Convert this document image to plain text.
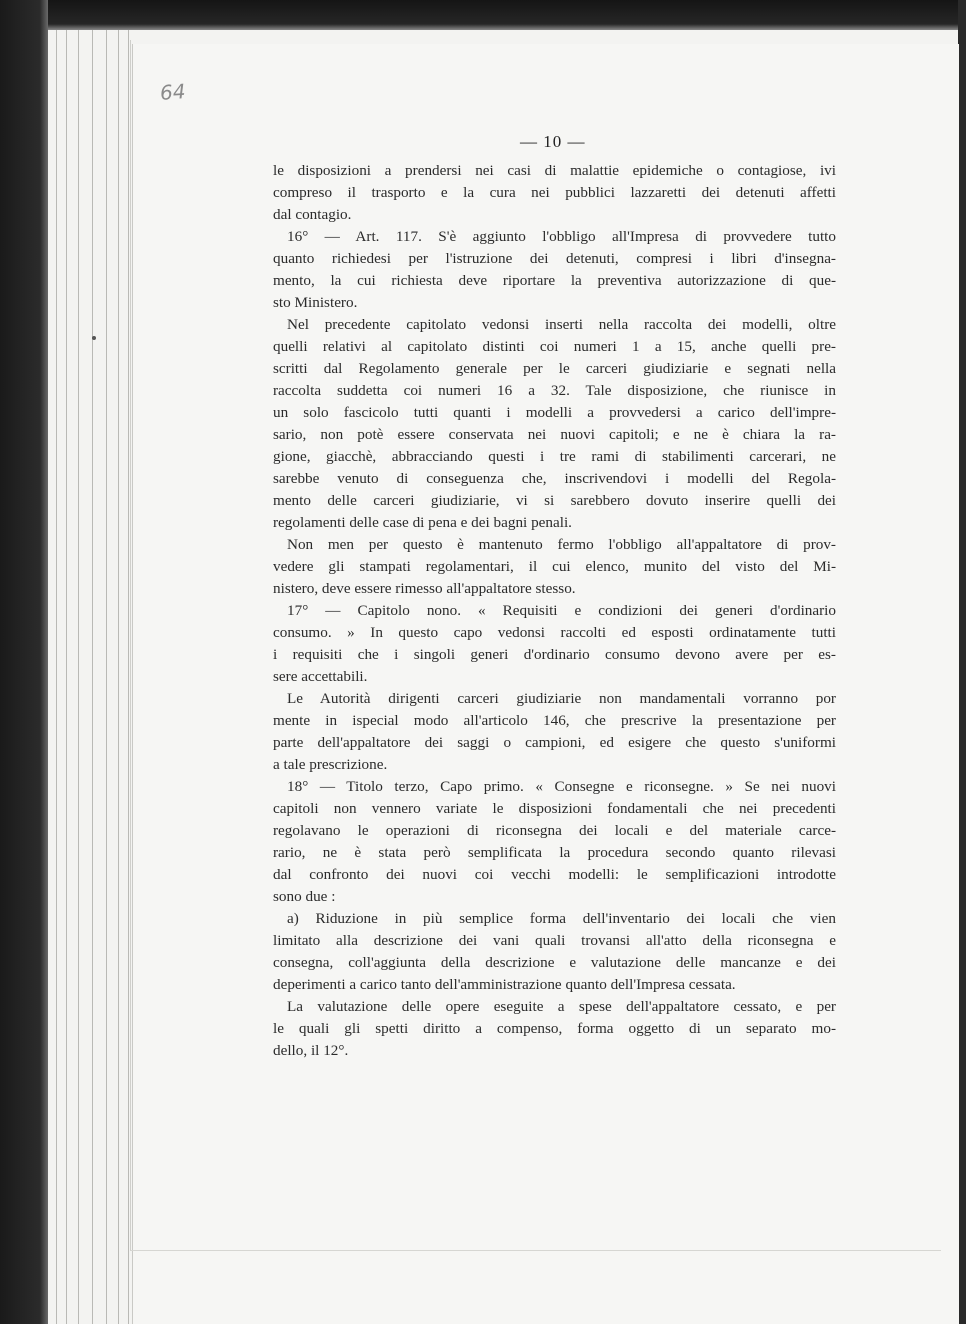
64
— 10 —
le disposizioni a prendersi nei casi di malattie epidemiche o contagiose, ivi
compreso il trasporto e la cura nei pubblici lazzaretti dei detenuti affetti
dal contagio.
16° — Art. 117. S'è aggiunto l'obbligo all'Impresa di provvedere tutto
quanto richiedesi per l'istruzione dei detenuti, compresi i libri d'insegna-
mento, la cui richiesta deve riportare la preventiva autorizzazione di que-
sto Ministero.
Nel precedente capitolato vedonsi inserti nella raccolta dei modelli, oltre
quelli relativi al capitolato distinti coi numeri 1 a 15, anche quelli pre-
scritti dal Regolamento generale per le carceri giudiziarie e segnati nella
raccolta suddetta coi numeri 16 a 32. Tale disposizione, che riunisce in
un solo fascicolo tutti quanti i modelli a provvedersi a carico dell'impre-
sario, non potè essere conservata nei nuovi capitoli; e ne è chiara la ra-
gione, giacchè, abbracciando questi i tre rami di stabilimenti carcerari, ne
sarebbe venuto di conseguenza che, inscrivendovi i modelli del Regola-
mento delle carceri giudiziarie, vi si sarebbero dovuto inserire quelli dei
regolamenti delle case di pena e dei bagni penali.
Non men per questo è mantenuto fermo l'obbligo all'appaltatore di prov-
vedere gli stampati regolamentari, il cui elenco, munito del visto del Mi-
nistero, deve essere rimesso all'appaltatore stesso.
17° — Capitolo nono. « Requisiti e condizioni dei generi d'ordinario
consumo. » In questo capo vedonsi raccolti ed esposti ordinatamente tutti
i requisiti che i singoli generi d'ordinario consumo devono avere per es-
sere accettabili.
Le Autorità dirigenti carceri giudiziarie non mandamentali vorranno por
mente in ispecial modo all'articolo 146, che prescrive la presentazione per
parte dell'appaltatore dei saggi o campioni, ed esigere che questo s'uniformi
a tale prescrizione.
18° — Titolo terzo, Capo primo. « Consegne e riconsegne. » Se nei nuovi
capitoli non vennero variate le disposizioni fondamentali che nei precedenti
regolavano le operazioni di riconsegna dei locali e del materiale carce-
rario, ne è stata però semplificata la procedura secondo quanto rilevasi
dal confronto dei nuovi coi vecchi modelli: le semplificazioni introdotte
sono due :
a) Riduzione in più semplice forma dell'inventario dei locali che vien
limitato alla descrizione dei vani quali trovansi all'atto della riconsegna e
consegna, coll'aggiunta della descrizione e valutazione delle mancanze e dei
deperimenti a carico tanto dell'amministrazione quanto dell'Impresa cessata.
La valutazione delle opere eseguite a spese dell'appaltatore cessato, e per
le quali gli spetti diritto a compenso, forma oggetto di un separato mo-
dello, il 12°.
